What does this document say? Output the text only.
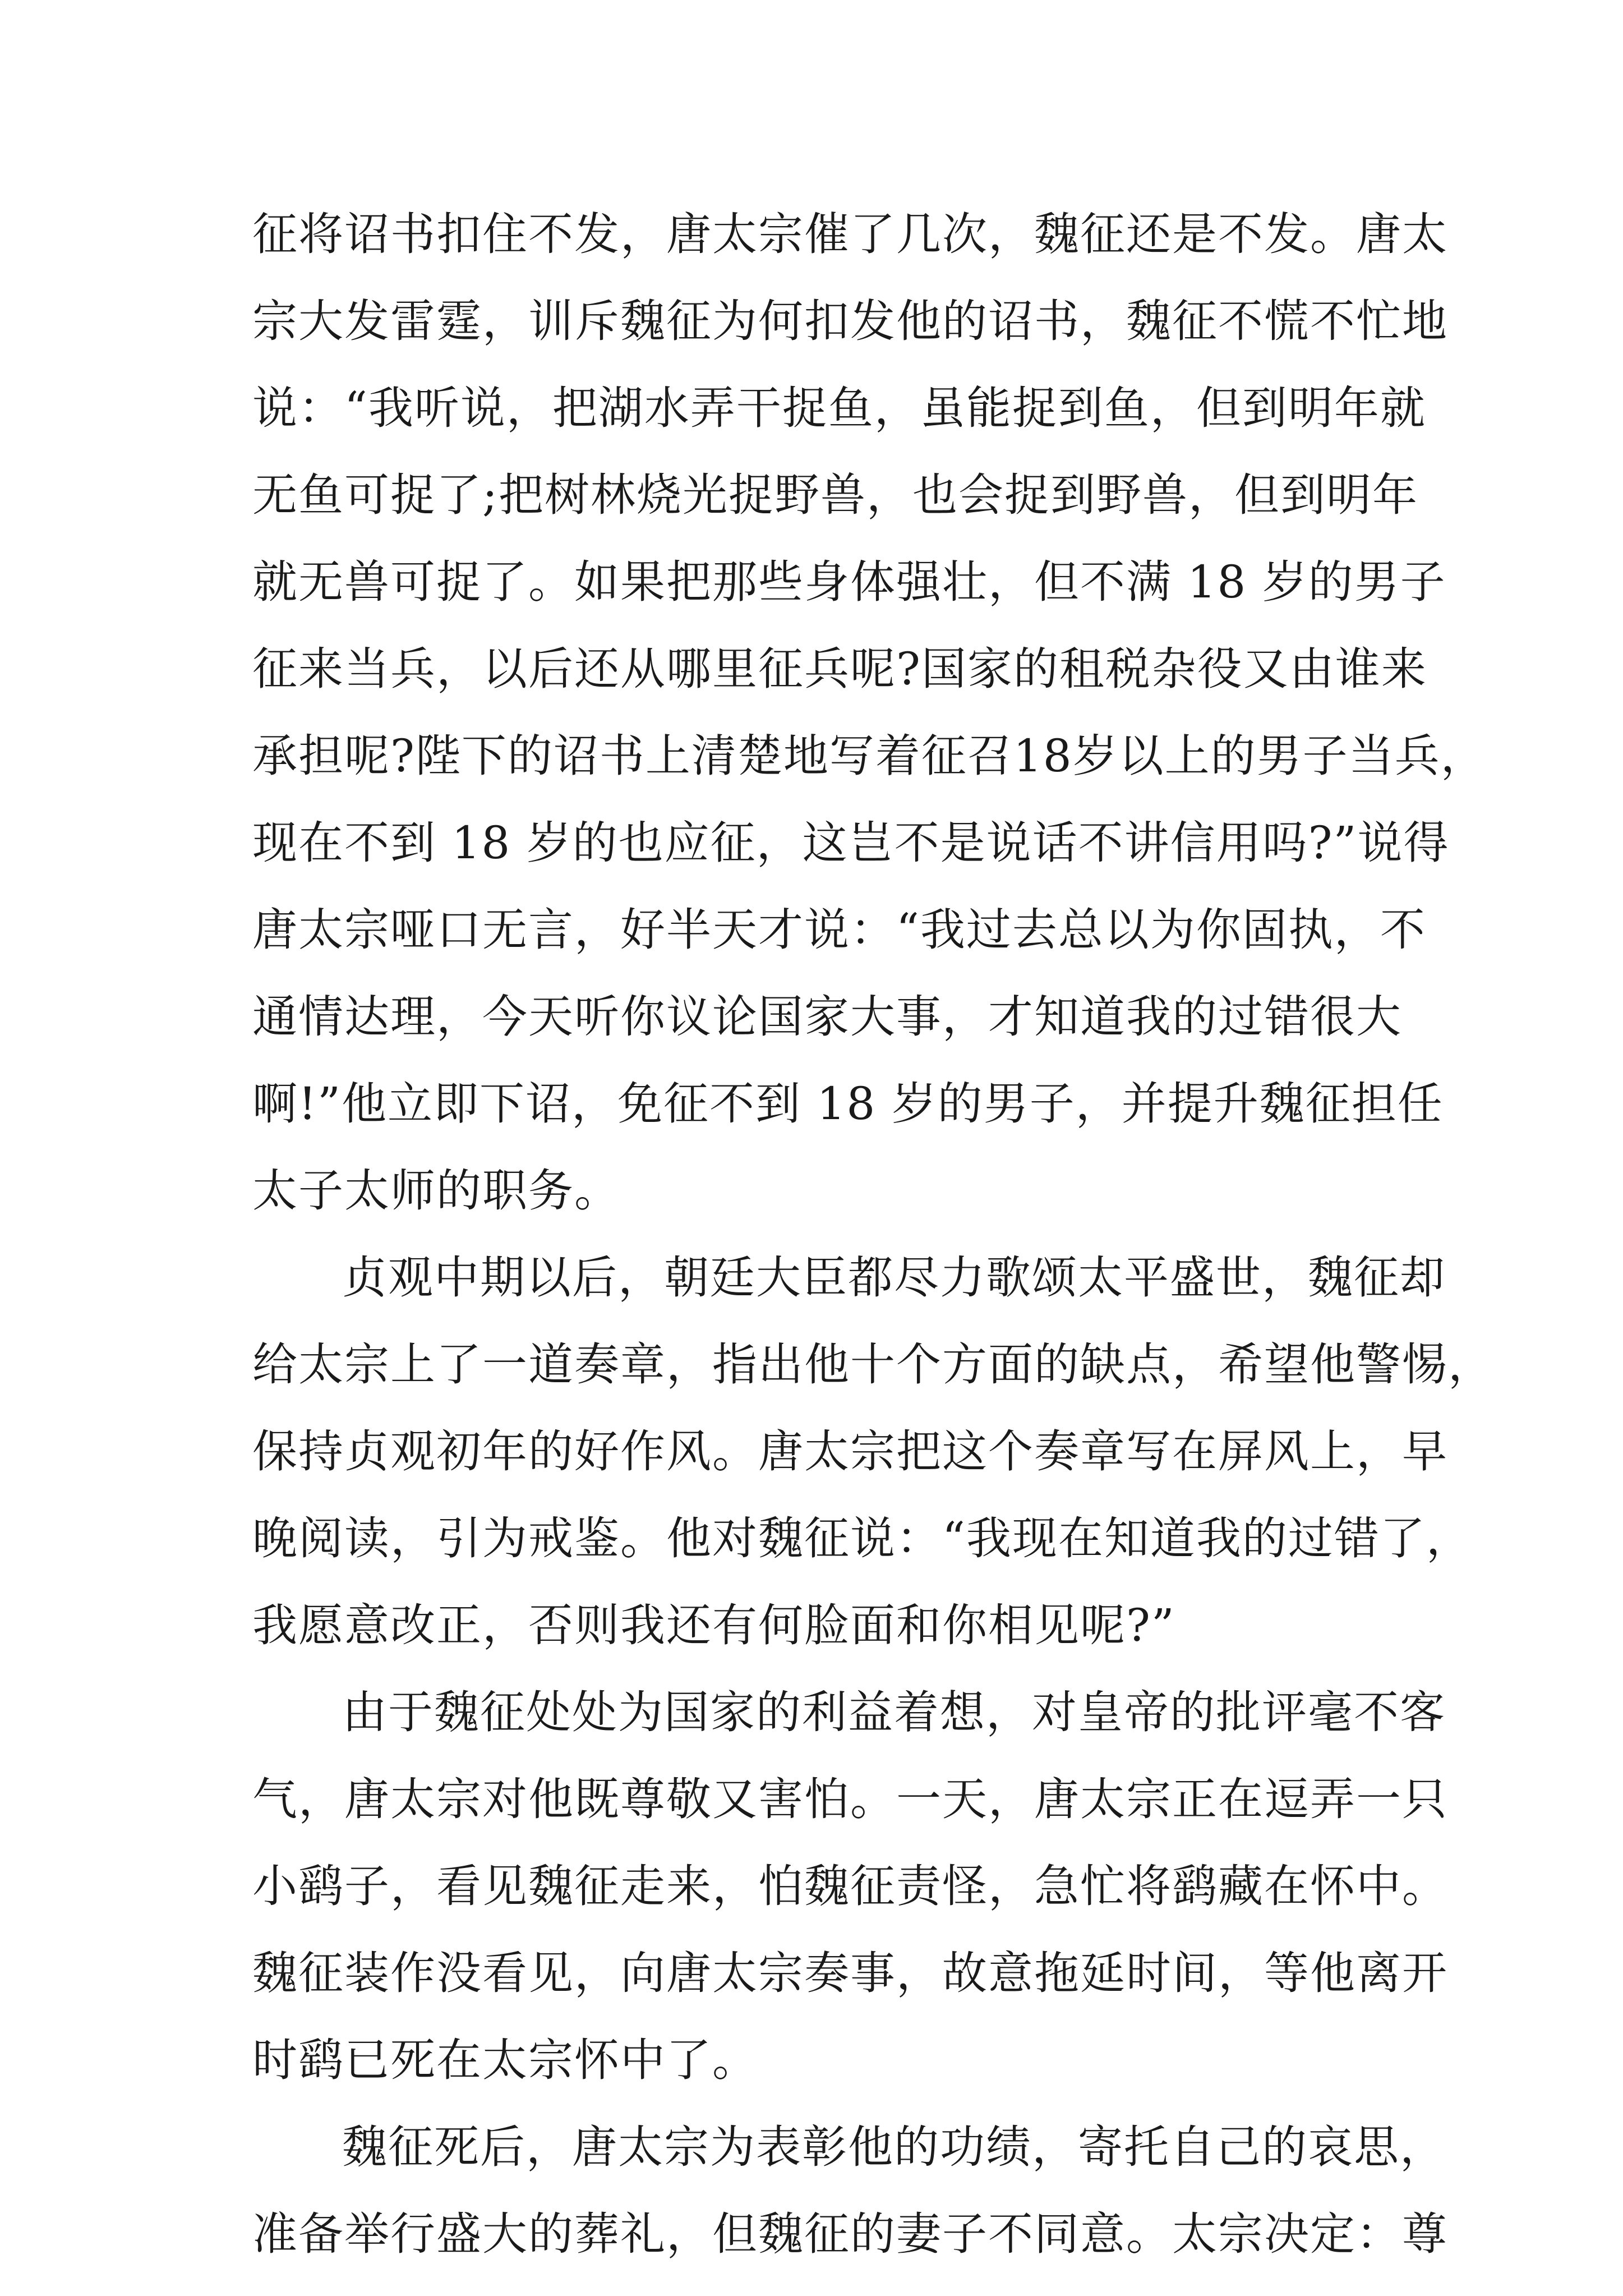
征将诏书扣住不发，唐太宗催了几次，魏征还是不发。唐太
宗大发雷霆，训斥魏征为何扣发他的诏书，魏征不慌不忙地
说：“我听说，把湖水弄干捉鱼，虽能捉到鱼，但到明年就
无鱼可捉了;把树林烧光捉野兽，也会捉到野兽，但到明年
就无兽可捉了。如果把那些身体强壮，但不满 18 岁的男子
征来当兵，以后还从哪里征兵呢?国家的租税杂役又由谁来
承担呢?陛下的诏书上清楚地写着征召18岁以上的男子当兵，
现在不到 18 岁的也应征，这岂不是说话不讲信用吗?”说得
唐太宗哑口无言，好半天才说：“我过去总以为你固执，不
通情达理，今天听你议论国家大事，才知道我的过错很大
啊!”他立即下诏，免征不到 18 岁的男子，并提升魏征担任
太子太师的职务。
贞观中期以后，朝廷大臣都尽力歌颂太平盛世，魏征却
给太宗上了一道奏章，指出他十个方面的缺点，希望他警惕，
保持贞观初年的好作风。唐太宗把这个奏章写在屏风上，早
晚阅读，引为戒鉴。他对魏征说：“我现在知道我的过错了，
我愿意改正，否则我还有何脸面和你相见呢?”
由于魏征处处为国家的利益着想，对皇帝的批评毫不客
气，唐太宗对他既尊敬又害怕。一天，唐太宗正在逗弄一只
小鹞子，看见魏征走来，怕魏征责怪，急忙将鹞藏在怀中。
魏征装作没看见，向唐太宗奏事，故意拖延时间，等他离开
时鹞已死在太宗怀中了。
魏征死后，唐太宗为表彰他的功绩，寄托自己的哀思，
准备举行盛大的葬礼，但魏征的妻子不同意。太宗决定：尊
